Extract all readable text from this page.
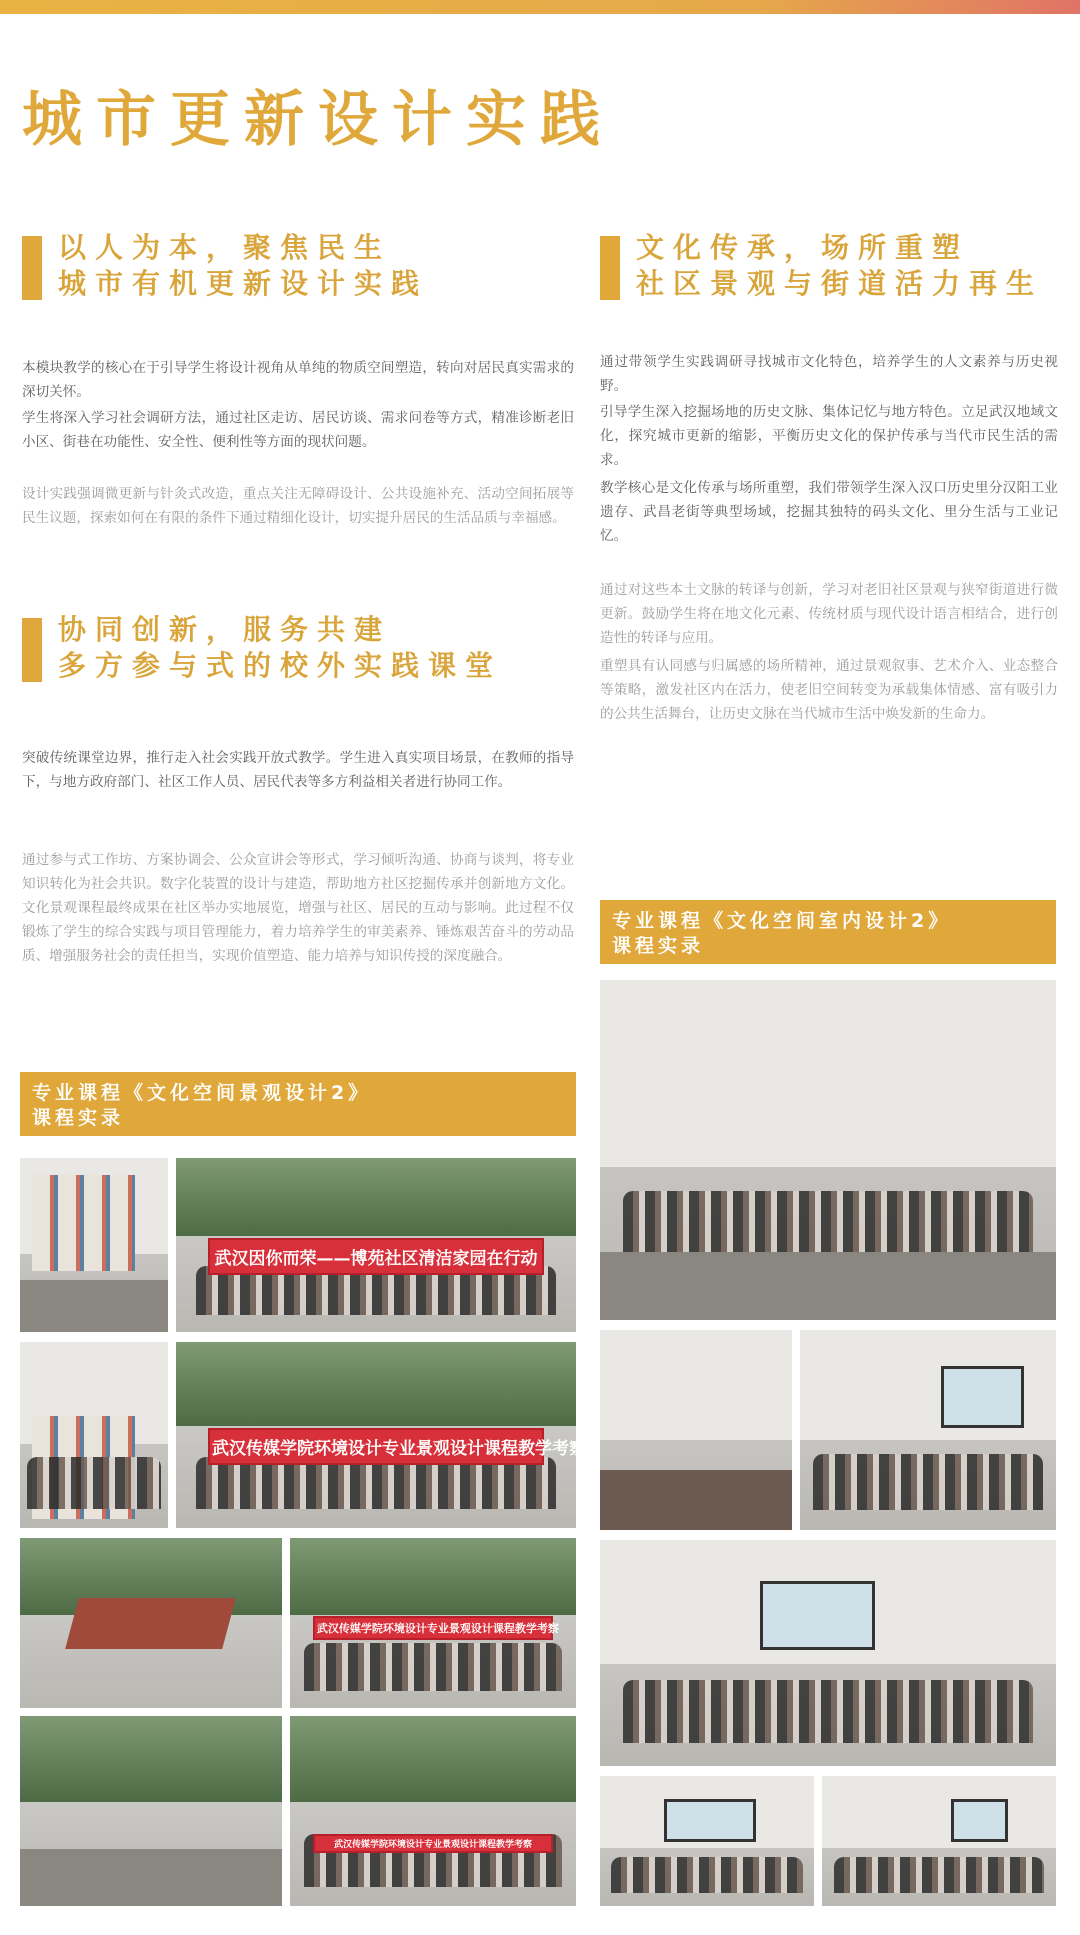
城市更新设计实践
以人为本，聚焦民生
城市有机更新设计实践

本模块教学的核心在于引导学生将设计视角从单纯的物质空间塑造，转向对居民真实需求的深切关怀。

学生将深入学习社会调研方法，通过社区走访、居民访谈、需求问卷等方式，精准诊断老旧小区、街巷在功能性、安全性、便利性等方面的现状问题。

设计实践强调微更新与针灸式改造，重点关注无障碍设计、公共设施补充、活动空间拓展等民生议题，探索如何在有限的条件下通过精细化设计，切实提升居民的生活品质与幸福感。

协同创新，服务共建
多方参与式的校外实践课堂

突破传统课堂边界，推行走入社会实践开放式教学。学生进入真实项目场景，在教师的指导下，与地方政府部门、社区工作人员、居民代表等多方利益相关者进行协同工作。

通过参与式工作坊、方案协调会、公众宣讲会等形式，学习倾听沟通、协商与谈判，将专业知识转化为社会共识。数字化装置的设计与建造，帮助地方社区挖掘传承并创新地方文化。文化景观课程最终成果在社区举办实地展览，增强与社区、居民的互动与影响。此过程不仅锻炼了学生的综合实践与项目管理能力，着力培养学生的审美素养、锤炼艰苦奋斗的劳动品质、增强服务社会的责任担当，实现价值塑造、能力培养与知识传授的深度融合。

文化传承，场所重塑
社区景观与街道活力再生

通过带领学生实践调研寻找城市文化特色，培养学生的人文素养与历史视野。

引导学生深入挖掘场地的历史文脉、集体记忆与地方特色。立足武汉地域文化，探究城市更新的缩影，平衡历史文化的保护传承与当代市民生活的需求。

教学核心是文化传承与场所重塑，我们带领学生深入汉口历史里分汉阳工业遗存、武昌老街等典型场域，挖掘其独特的码头文化、里分生活与工业记忆。

通过对这些本土文脉的转译与创新，学习对老旧社区景观与狭窄街道进行微更新。鼓励学生将在地文化元素、传统材质与现代设计语言相结合，进行创造性的转译与应用。

重塑具有认同感与归属感的场所精神，通过景观叙事、艺术介入、业态整合等策略，激发社区内在活力，使老旧空间转变为承载集体情感、富有吸引力的公共生活舞台，让历史文脉在当代城市生活中焕发新的生命力。

专业课程《文化空间景观设计2》
课程实录
专业课程《文化空间室内设计2》
课程实录
武汉因你而荣——博苑社区清洁家园在行动
武汉传媒学院环境设计专业景观设计课程教学考察
武汉传媒学院环境设计专业景观设计课程教学考察
武汉传媒学院环境设计专业景观设计课程教学考察
